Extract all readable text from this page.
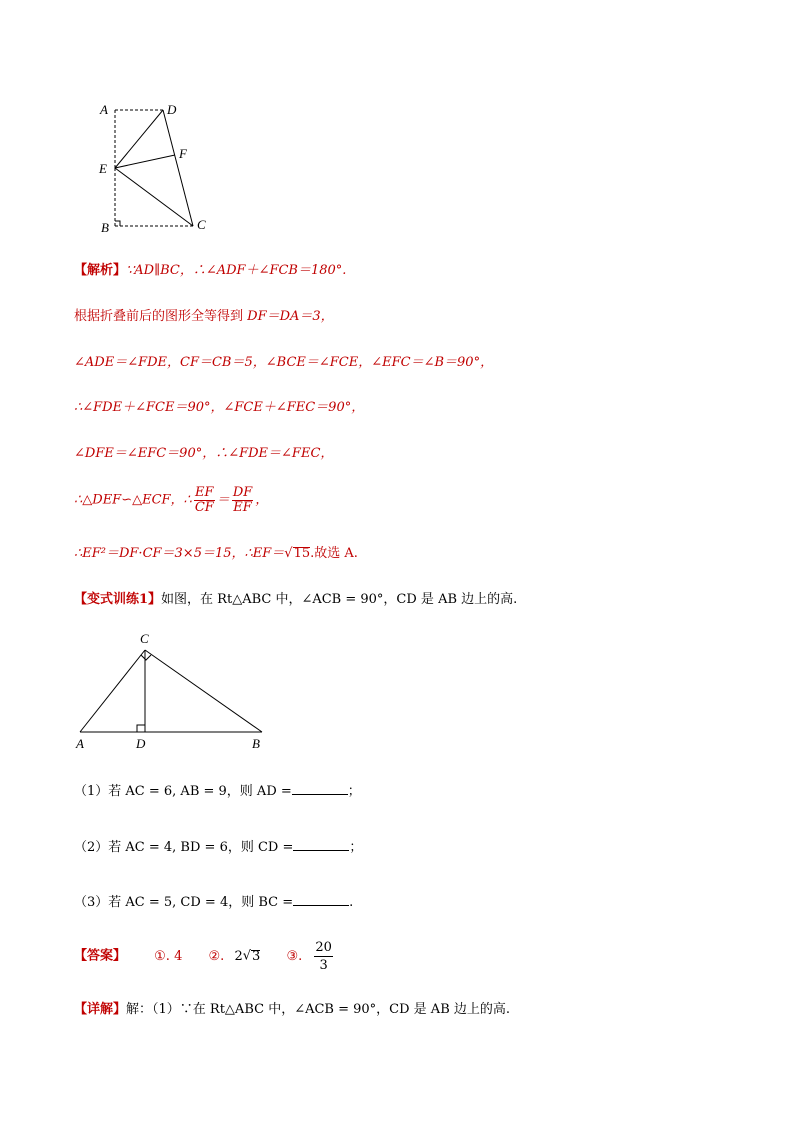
A	D
F
E
B	C
【解析】∵AD∥BC，∴∠ADF＋∠FCB＝180°.
根据折叠前后的图形全等得到 DF＝DA＝3，
∠ADE＝∠FDE，CF＝CB＝5，∠BCE＝∠FCE，∠EFC＝∠B＝90°，
∴∠FDE＋∠FCE＝90°，∠FCE＋∠FEC＝90°，
∠DFE＝∠EFC＝90°，∴∠FDE＝∠FEC，
∴△DEF∽△ECF，∴ $\frac{EF}{CF} = \frac{DF}{EF}$ ，
∴EF²＝DF·CF＝3×5＝15，∴EF＝√15.故选 A.
【变式训练1】如图，在 Rt△ABC 中，∠ACB = 90°，CD 是 AB 边上的高.
C
A	D	B
（1）若 AC = 6, AB = 9，则 AD =	；
（2）若 AC = 4, BD = 6，则 CD =	；
（3）若 AC = 5, CD = 4，则 BC =	.
【答案】 ①. 4 ②. 2√3 ③. $\frac{20}{3}$
【详解】解：（1）∵在 Rt△ABC 中，∠ACB = 90°，CD 是 AB 边上的高.
